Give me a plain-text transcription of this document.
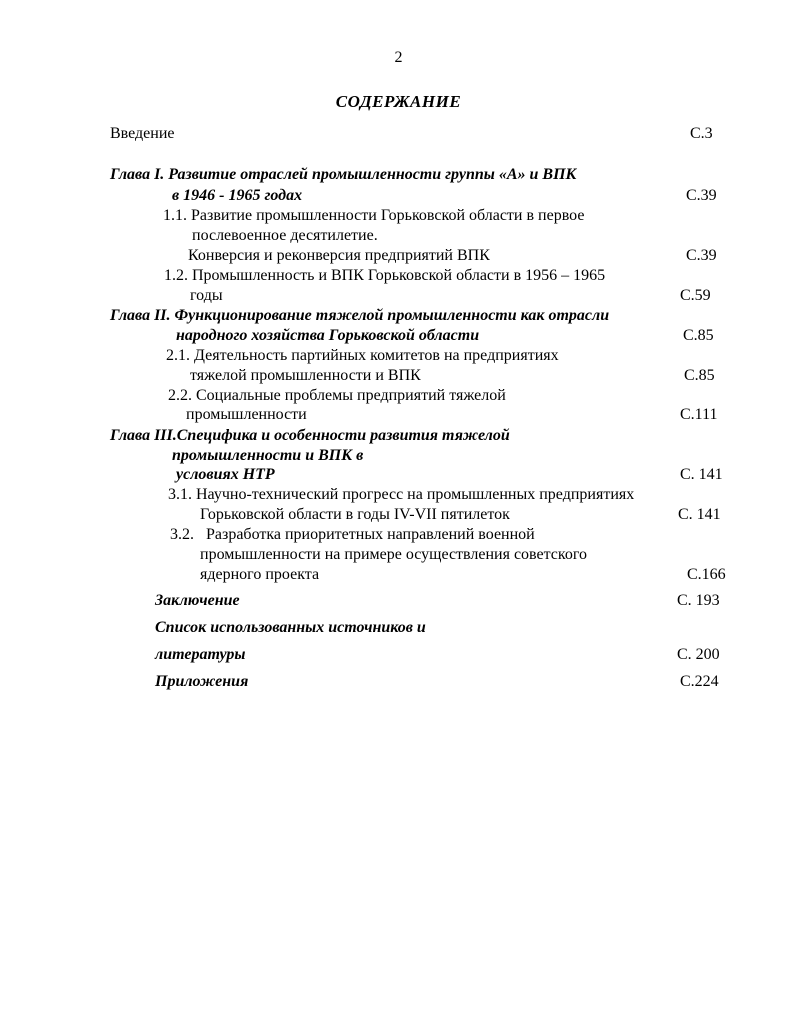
2
СОДЕРЖАНИЕ
Введение	С.3
Глава I. Развитие отраслей промышленности группы «А» и ВПК
в 1946 - 1965 годах	С.39
1.1. Развитие промышленности Горьковской области в первое
послевоенное десятилетие.
Конверсия и реконверсия предприятий ВПК	С.39
1.2. Промышленность и ВПК Горьковской области в 1956 – 1965
годы	С.59
Глава II. Функционирование тяжелой промышленности как отрасли
народного хозяйства Горьковской области	С.85
2.1. Деятельность партийных комитетов на предприятиях
тяжелой промышленности и ВПК	С.85
2.2. Социальные проблемы предприятий тяжелой
промышленности	С.111
Глава III.Специфика и особенности развития тяжелой
промышленности и ВПК в
условиях НТР	С. 141
3.1. Научно-технический прогресс на промышленных предприятиях
Горьковской области в годы IV-VII пятилеток	С. 141
3.2.   Разработка приоритетных направлений военной
промышленности на примере осуществления советского
ядерного проекта	С.166
Заключение	С. 193
Список использованных источников и
литературы	С. 200
Приложения	С.224
